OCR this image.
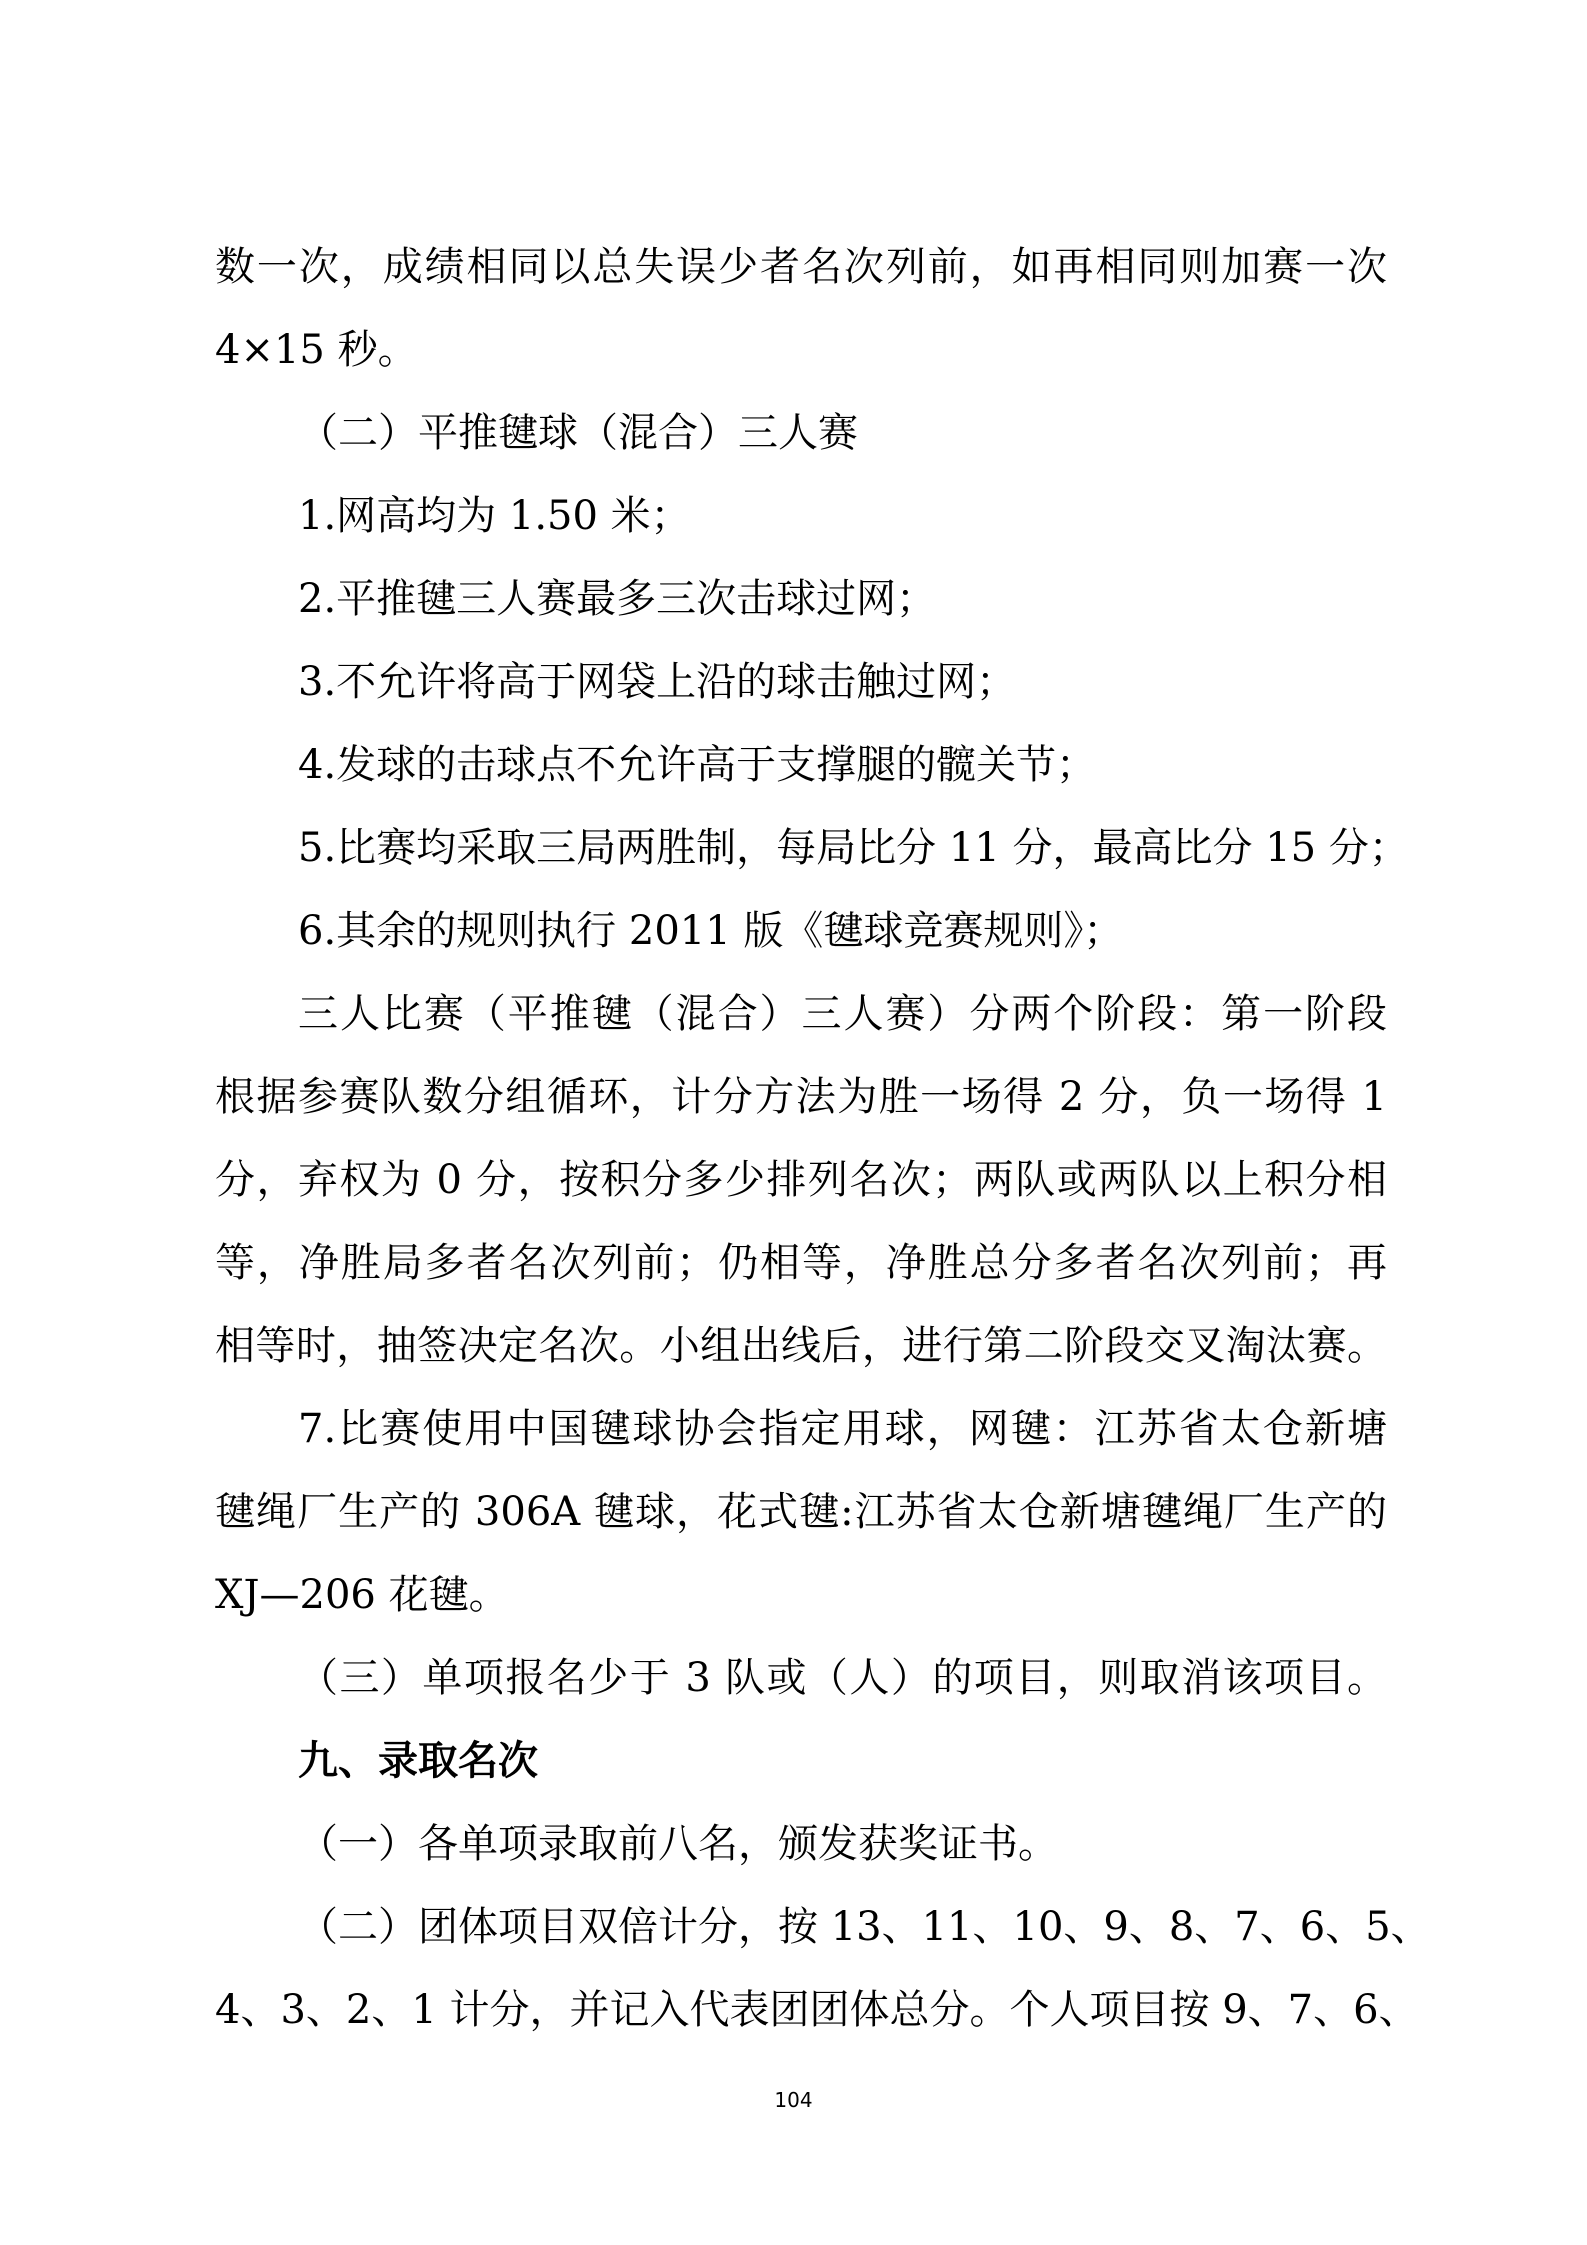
数一次，成绩相同以总失误少者名次列前，如再相同则加赛一次
4×15 秒。
（二）平推毽球（混合）三人赛
1.网高均为 1.50 米；
2.平推毽三人赛最多三次击球过网；
3.不允许将高于网袋上沿的球击触过网；
4.发球的击球点不允许高于支撑腿的髋关节；
5.比赛均采取三局两胜制，每局比分 11 分，最高比分 15 分；
6.其余的规则执行 2011 版《毽球竞赛规则》；
三人比赛（平推毽（混合）三人赛）分两个阶段：第一阶段
根据参赛队数分组循环，计分方法为胜一场得 2 分，负一场得 1
分，弃权为 0 分，按积分多少排列名次；两队或两队以上积分相
等，净胜局多者名次列前；仍相等，净胜总分多者名次列前；再
相等时，抽签决定名次。小组出线后，进行第二阶段交叉淘汰赛。
7.比赛使用中国毽球协会指定用球，网毽：江苏省太仓新塘
毽绳厂生产的 306A 毽球，花式毽:江苏省太仓新塘毽绳厂生产的
XJ—206 花毽。
（三）单项报名少于 3 队或（人）的项目，则取消该项目。
九、录取名次
（一）各单项录取前八名，颁发获奖证书。
（二）团体项目双倍计分，按 13、11、10、9、8、7、6、5、
4、3、2、1 计分，并记入代表团团体总分。个人项目按 9、7、6、
104
